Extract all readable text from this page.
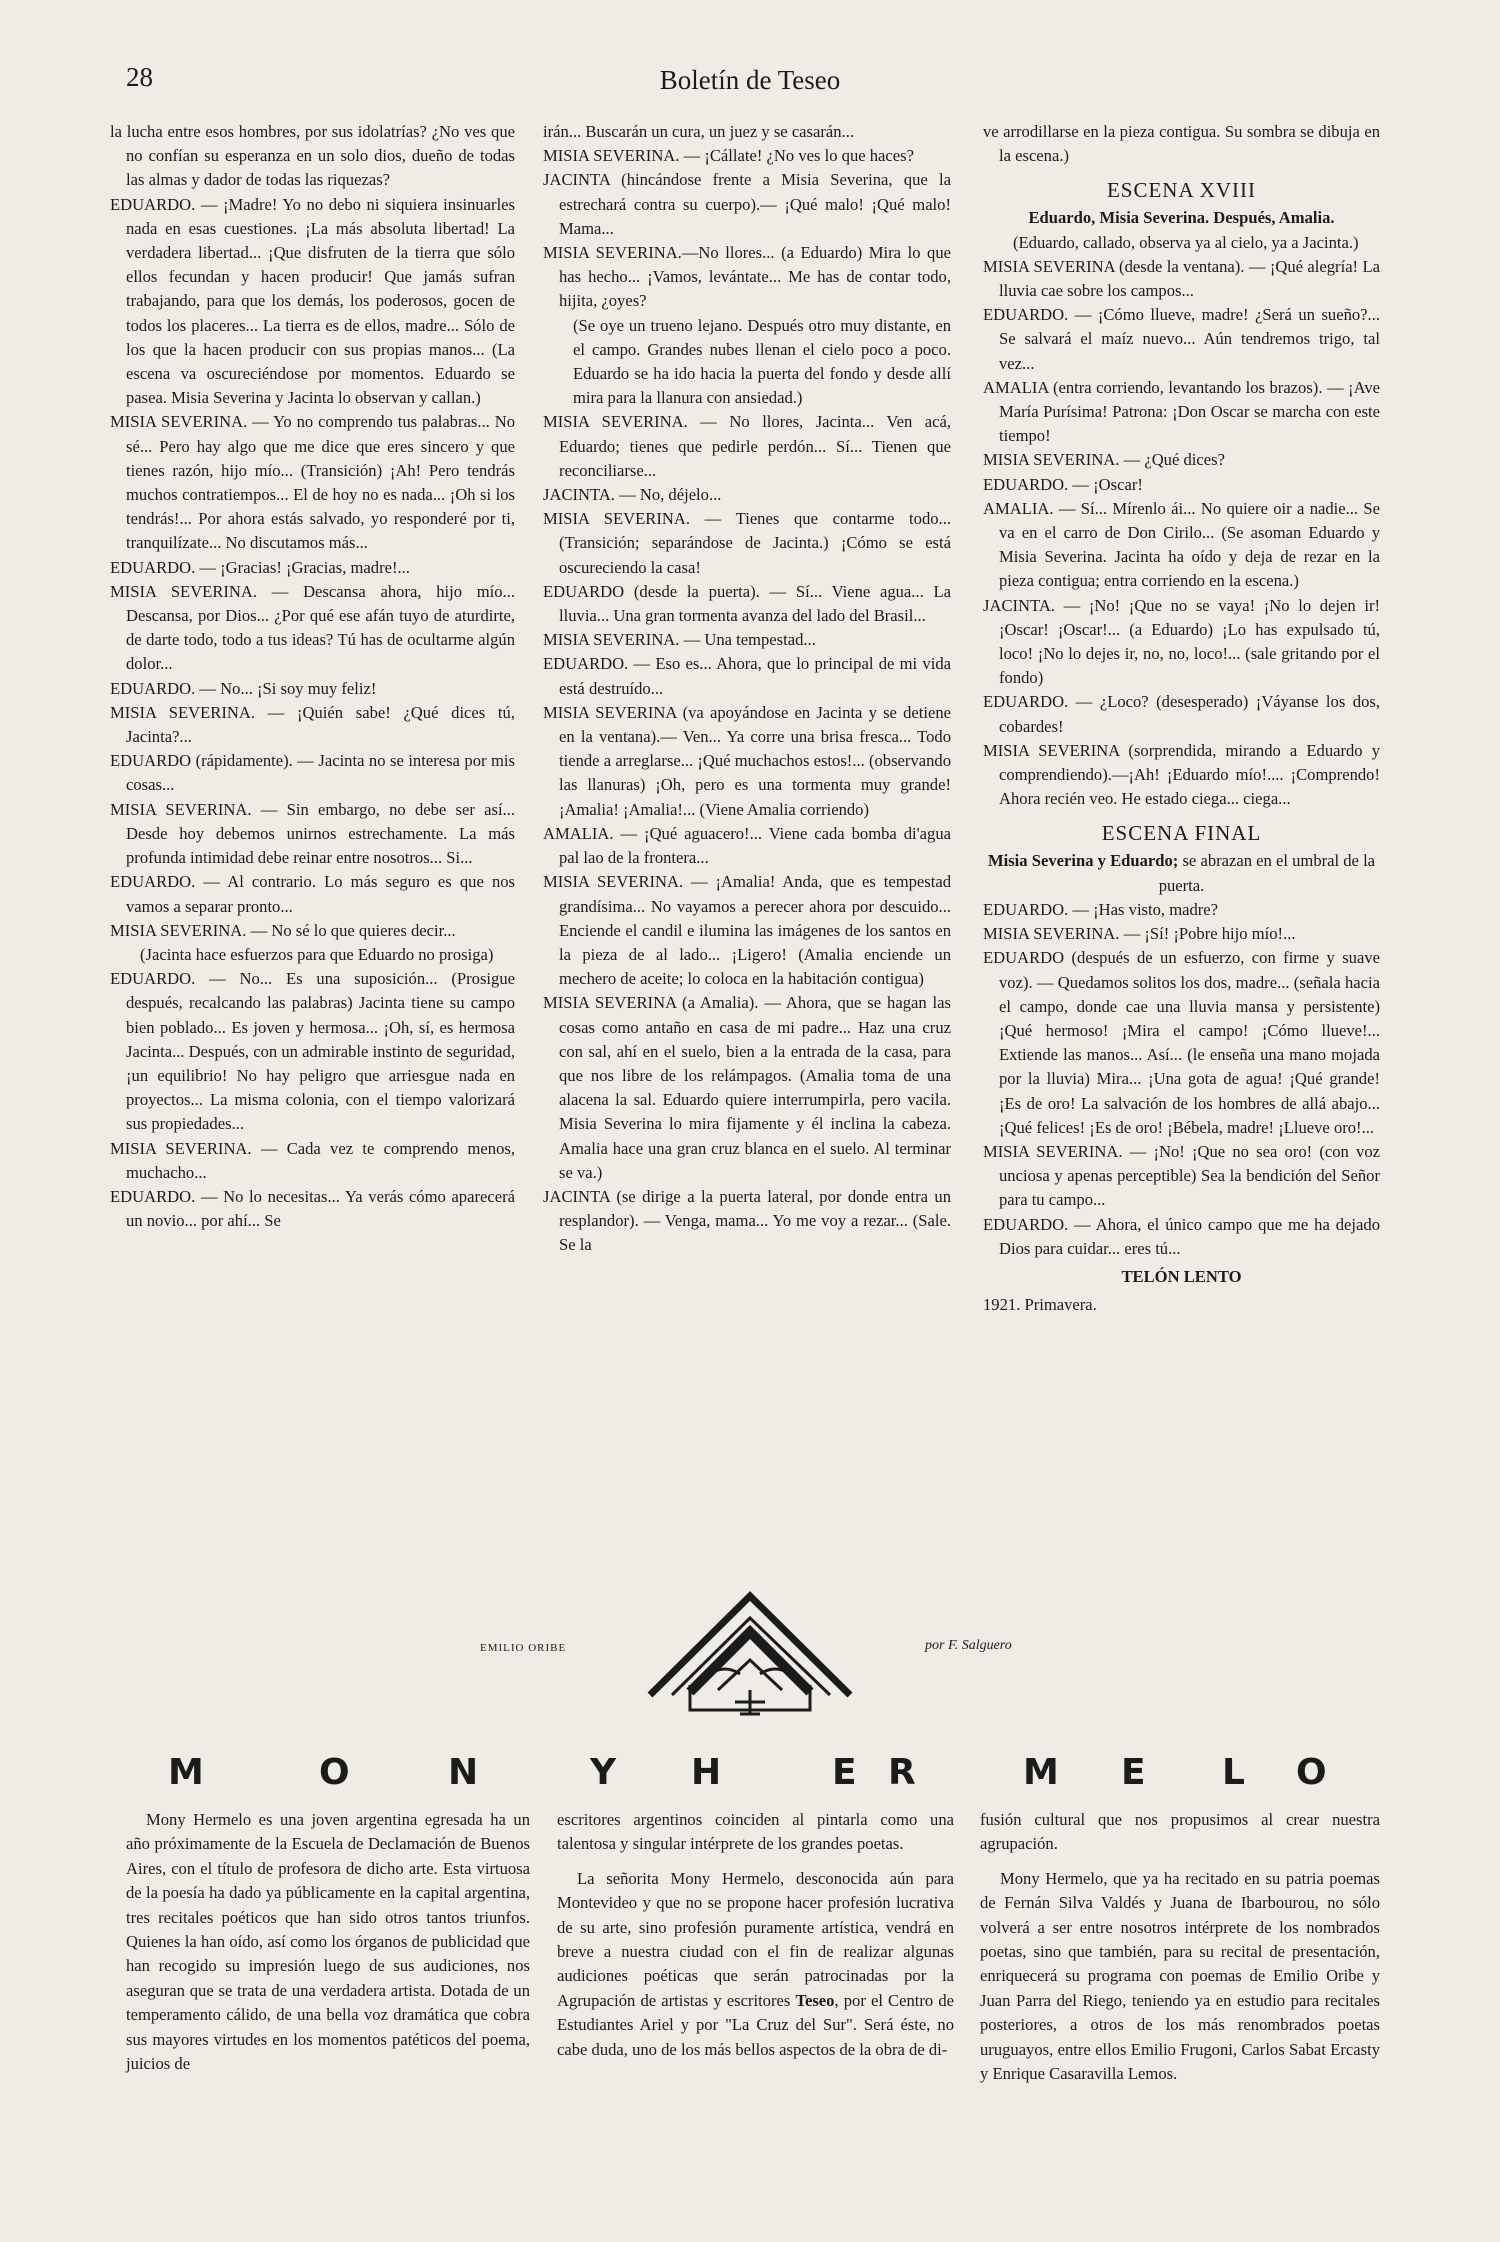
28	Boletín de Teseo

la lucha entre esos hombres, por sus idolatrías? ¿No ves que no confían su esperanza en un solo dios, dueño de todas las almas y dador de todas las riquezas?

EDUARDO. — ¡Madre! Yo no debo ni siquiera insinuarles nada en esas cuestiones. ¡La más absoluta libertad! La verdadera libertad... ¡Que disfruten de la tierra que sólo ellos fecundan y hacen producir! Que jamás sufran trabajando, para que los demás, los poderosos, gocen de todos los placeres... La tierra es de ellos, madre... Sólo de los que la hacen producir con sus propias manos... (La escena va oscureciéndose por momentos. Eduardo se pasea. Misia Severina y Jacinta lo observan y callan.)

MISIA SEVERINA. — Yo no comprendo tus palabras... No sé... Pero hay algo que me dice que eres sincero y que tienes razón, hijo mío... (Transición) ¡Ah! Pero tendrás muchos contratiempos... El de hoy no es nada... ¡Oh si los tendrás!... Por ahora estás salvado, yo responderé por ti, tranquilízate... No discutamos más...

EDUARDO. — ¡Gracias! ¡Gracias, madre!...

MISIA SEVERINA. — Descansa ahora, hijo mío... Descansa, por Dios... ¿Por qué ese afán tuyo de aturdirte, de darte todo, todo a tus ideas? Tú has de ocultarme algún dolor...

EDUARDO. — No... ¡Si soy muy feliz!

MISIA SEVERINA. — ¡Quién sabe! ¿Qué dices tú, Jacinta?...

EDUARDO (rápidamente). — Jacinta no se interesa por mis cosas...

MISIA SEVERINA. — Sin embargo, no debe ser así... Desde hoy debemos unirnos estrechamente. La más profunda intimidad debe reinar entre nosotros... Si...

EDUARDO. — Al contrario. Lo más seguro es que nos vamos a separar pronto...

MISIA SEVERINA. — No sé lo que quieres decir...

(Jacinta hace esfuerzos para que Eduardo no prosiga)

EDUARDO. — No... Es una suposición... (Prosigue después, recalcando las palabras) Jacinta tiene su campo bien poblado... Es joven y hermosa... ¡Oh, sí, es hermosa Jacinta... Después, con un admirable instinto de seguridad, ¡un equilibrio! No hay peligro que arriesgue nada en proyectos... La misma colonia, con el tiempo valorizará sus propiedades...

MISIA SEVERINA. — Cada vez te comprendo menos, muchacho...

EDUARDO. — No lo necesitas... Ya verás cómo aparecerá un novio... por ahí... Se

irán... Buscarán un cura, un juez y se casarán...

MISIA SEVERINA. — ¡Cállate! ¿No ves lo que haces?

JACINTA (hincándose frente a Misia Severina, que la estrechará contra su cuerpo).— ¡Qué malo! ¡Qué malo! Mama...

MISIA SEVERINA.—No llores... (a Eduardo) Mira lo que has hecho... ¡Vamos, levántate... Me has de contar todo, hijita, ¿oyes?

(Se oye un trueno lejano. Después otro muy distante, en el campo. Grandes nubes llenan el cielo poco a poco. Eduardo se ha ido hacia la puerta del fondo y desde allí mira para la llanura con ansiedad.)

MISIA SEVERINA. — No llores, Jacinta... Ven acá, Eduardo; tienes que pedirle perdón... Sí... Tienen que reconciliarse...

JACINTA. — No, déjelo...

MISIA SEVERINA. — Tienes que contarme todo... (Transición; separándose de Jacinta.) ¡Cómo se está oscureciendo la casa!

EDUARDO (desde la puerta). — Sí... Viene agua... La lluvia... Una gran tormenta avanza del lado del Brasil...

MISIA SEVERINA. — Una tempestad...

EDUARDO. — Eso es... Ahora, que lo principal de mi vida está destruído...

MISIA SEVERINA (va apoyándose en Jacinta y se detiene en la ventana).— Ven... Ya corre una brisa fresca... Todo tiende a arreglarse... ¡Qué muchachos estos!... (observando las llanuras) ¡Oh, pero es una tormenta muy grande! ¡Amalia! ¡Amalia!... (Viene Amalia corriendo)

AMALIA. — ¡Qué aguacero!... Viene cada bomba di'agua pal lao de la frontera...

MISIA SEVERINA. — ¡Amalia! Anda, que es tempestad grandísima... No vayamos a perecer ahora por descuido... Enciende el candil e ilumina las imágenes de los santos en la pieza de al lado... ¡Ligero! (Amalia enciende un mechero de aceite; lo coloca en la habitación contigua)

MISIA SEVERINA (a Amalia). — Ahora, que se hagan las cosas como antaño en casa de mi padre... Haz una cruz con sal, ahí en el suelo, bien a la entrada de la casa, para que nos libre de los relámpagos. (Amalia toma de una alacena la sal. Eduardo quiere interrumpirla, pero vacila. Misia Severina lo mira fijamente y él inclina la cabeza. Amalia hace una gran cruz blanca en el suelo. Al terminar se va.)

JACINTA (se dirige a la puerta lateral, por donde entra un resplandor). — Venga, mama... Yo me voy a rezar... (Sale. Se la

ve arrodillarse en la pieza contigua. Su sombra se dibuja en la escena.)

ESCENA XVIII

Eduardo, Misia Severina. Después, Amalia.

(Eduardo, callado, observa ya al cielo, ya a Jacinta.)

MISIA SEVERINA (desde la ventana). — ¡Qué alegría! La lluvia cae sobre los campos...

EDUARDO. — ¡Cómo llueve, madre! ¿Será un sueño?... Se salvará el maíz nuevo... Aún tendremos trigo, tal vez...

AMALIA (entra corriendo, levantando los brazos). — ¡Ave María Purísima! Patrona: ¡Don Oscar se marcha con este tiempo!

MISIA SEVERINA. — ¿Qué dices?

EDUARDO. — ¡Oscar!

AMALIA. — Sí... Mírenlo ái... No quiere oir a nadie... Se va en el carro de Don Cirilo... (Se asoman Eduardo y Misia Severina. Jacinta ha oído y deja de rezar en la pieza contigua; entra corriendo en la escena.)

JACINTA. — ¡No! ¡Que no se vaya! ¡No lo dejen ir! ¡Oscar! ¡Oscar!... (a Eduardo) ¡Lo has expulsado tú, loco! ¡No lo dejes ir, no, no, loco!... (sale gritando por el fondo)

EDUARDO. — ¿Loco? (desesperado) ¡Váyanse los dos, cobardes!

MISIA SEVERINA (sorprendida, mirando a Eduardo y comprendiendo).—¡Ah! ¡Eduardo mío!.... ¡Comprendo! Ahora recién veo. He estado ciega... ciega...

ESCENA FINAL

Misia Severina y Eduardo; se abrazan en el umbral de la puerta.

EDUARDO. — ¡Has visto, madre?

MISIA SEVERINA. — ¡Sí! ¡Pobre hijo mío!...

EDUARDO (después de un esfuerzo, con firme y suave voz). — Quedamos solitos los dos, madre... (señala hacia el campo, donde cae una lluvia mansa y persistente) ¡Qué hermoso! ¡Mira el campo! ¡Cómo llueve!... Extiende las manos... Así... (le enseña una mano mojada por la lluvia) Mira... ¡Una gota de agua! ¡Qué grande! ¡Es de oro! La salvación de los hombres de allá abajo... ¡Qué felices! ¡Es de oro! ¡Bébela, madre! ¡Llueve oro!...

MISIA SEVERINA. — ¡No! ¡Que no sea oro! (con voz unciosa y apenas perceptible) Sea la bendición del Señor para tu campo...

EDUARDO. — Ahora, el único campo que me ha dejado Dios para cuidar... eres tú...

TELÓN LENTO

1921. Primavera.

EMILIO ORIBE	por F. Salguero
M	O	N	Y H	E R	M E L O

Mony Hermelo es una joven argentina egresada ha un año próximamente de la Escuela de Declamación de Buenos Aires, con el título de profesora de dicho arte. Esta virtuosa de la poesía ha dado ya públicamente en la capital argentina, tres recitales poéticos que han sido otros tantos triunfos. Quienes la han oído, así como los órganos de publicidad que han recogido su impresión luego de sus audiciones, nos aseguran que se trata de una verdadera artista. Dotada de un temperamento cálido, de una bella voz dramática que cobra sus mayores virtudes en los momentos patéticos del poema, juicios de

escritores argentinos coinciden al pintarla como una talentosa y singular intérprete de los grandes poetas.

La señorita Mony Hermelo, desconocida aún para Montevideo y que no se propone hacer profesión lucrativa de su arte, sino profesión puramente artística, vendrá en breve a nuestra ciudad con el fin de realizar algunas audiciones poéticas que serán patrocinadas por la Agrupación de artistas y escritores Teseo, por el Centro de Estudiantes Ariel y por "La Cruz del Sur". Será éste, no cabe duda, uno de los más bellos aspectos de la obra de di-

fusión cultural que nos propusimos al crear nuestra agrupación.

Mony Hermelo, que ya ha recitado en su patria poemas de Fernán Silva Valdés y Juana de Ibarbourou, no sólo volverá a ser entre nosotros intérprete de los nombrados poetas, sino que también, para su recital de presentación, enriquecerá su programa con poemas de Emilio Oribe y Juan Parra del Riego, teniendo ya en estudio para recitales posteriores, a otros de los más renombrados poetas uruguayos, entre ellos Emilio Frugoni, Carlos Sabat Ercasty y Enrique Casaravilla Lemos.
